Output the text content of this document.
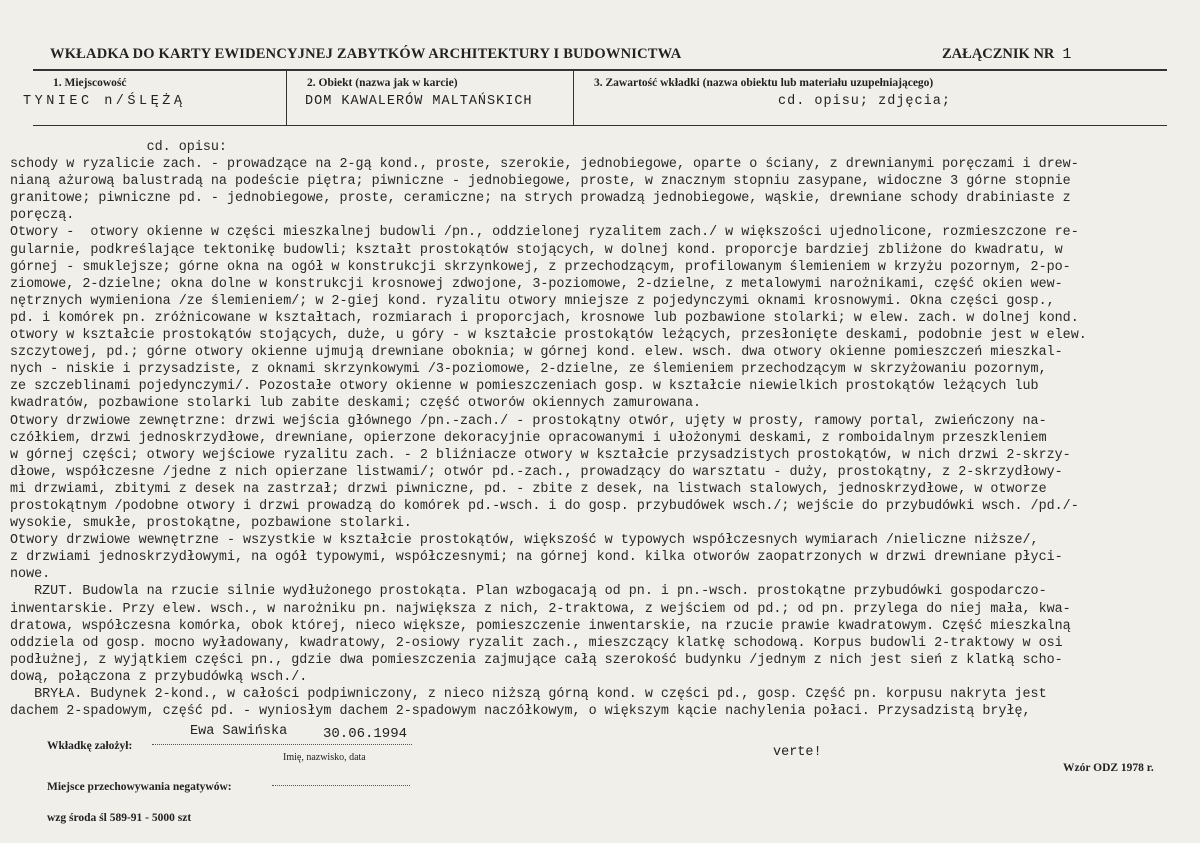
WKŁADKA DO KARTY EWIDENCYJNEJ ZABYTKÓW ARCHITEKTURY I BUDOWNICTWA	ZAŁĄCZNIK NR 1
1. Miejscowość
TYNIEC n/ŚLĘŻĄ
2. Obiekt (nazwa jak w karcie)
DOM KAWALERÓW MALTAŃSKICH
3. Zawartość wkładki (nazwa obiektu lub materiału uzupełniającego)
cd. opisu; zdjęcia;
cd. opisu:
schody w ryzalicie zach. - prowadzące na 2-gą kond., proste, szerokie, jednobiegowe, oparte o ściany, z drewnianymi poręczami i drew-
nianą ażurową balustradą na podeście piętra; piwniczne - jednobiegowe, proste, w znacznym stopniu zasypane, widoczne 3 górne stopnie
granitowe; piwniczne pd. - jednobiegowe, proste, ceramiczne; na strych prowadzą jednobiegowe, wąskie, drewniane schody drabiniaste z
poręczą.
Otwory -  otwory okienne w części mieszkalnej budowli /pn., oddzielonej ryzalitem zach./ w większości ujednolicone, rozmieszczone re-
gularnie, podkreślające tektonikę budowli; kształt prostokątów stojących, w dolnej kond. proporcje bardziej zbliżone do kwadratu, w
górnej - smuklejsze; górne okna na ogół w konstrukcji skrzynkowej, z przechodzącym, profilowanym ślemieniem w krzyżu pozornym, 2-po-
ziomowe, 2-dzielne; okna dolne w konstrukcji krosnowej zdwojone, 3-poziomowe, 2-dzielne, z metalowymi narożnikami, część okien wew-
nętrznych wymieniona /ze ślemieniem/; w 2-giej kond. ryzalitu otwory mniejsze z pojedynczymi oknami krosnowymi. Okna części gosp.,
pd. i komórek pn. zróżnicowane w kształtach, rozmiarach i proporcjach, krosnowe lub pozbawione stolarki; w elew. zach. w dolnej kond.
otwory w kształcie prostokątów stojących, duże, u góry - w kształcie prostokątów leżących, przesłonięte deskami, podobnie jest w elew.
szczytowej, pd.; górne otwory okienne ujmują drewniane oboknia; w górnej kond. elew. wsch. dwa otwory okienne pomieszczeń mieszkal-
nych - niskie i przysadziste, z oknami skrzynkowymi /3-poziomowe, 2-dzielne, ze ślemieniem przechodzącym w skrzyżowaniu pozornym,
ze szczeblinami pojedynczymi/. Pozostałe otwory okienne w pomieszczeniach gosp. w kształcie niewielkich prostokątów leżących lub
kwadratów, pozbawione stolarki lub zabite deskami; część otworów okiennych zamurowana.
Otwory drzwiowe zewnętrzne: drzwi wejścia głównego /pn.-zach./ - prostokątny otwór, ujęty w prosty, ramowy portal, zwieńczony na-
czółkiem, drzwi jednoskrzydłowe, drewniane, opierzone dekoracyjnie opracowanymi i ułożonymi deskami, z romboidalnym przeszkleniem
w górnej części; otwory wejściowe ryzalitu zach. - 2 bliźniacze otwory w kształcie przysadzistych prostokątów, w nich drzwi 2-skrzy-
dłowe, współczesne /jedne z nich opierzane listwami/; otwór pd.-zach., prowadzący do warsztatu - duży, prostokątny, z 2-skrzydłowy-
mi drzwiami, zbitymi z desek na zastrzał; drzwi piwniczne, pd. - zbite z desek, na listwach stalowych, jednoskrzydłowe, w otworze
prostokątnym /podobne otwory i drzwi prowadzą do komórek pd.-wsch. i do gosp. przybudówek wsch./; wejście do przybudówki wsch. /pd./-
wysokie, smukłe, prostokątne, pozbawione stolarki.
Otwory drzwiowe wewnętrzne - wszystkie w kształcie prostokątów, większość w typowych współczesnych wymiarach /nieliczne niższe/,
z drzwiami jednoskrzydłowymi, na ogół typowymi, współczesnymi; na górnej kond. kilka otworów zaopatrzonych w drzwi drewniane płyci-
nowe.
RZUT. Budowla na rzucie silnie wydłużonego prostokąta. Plan wzbogacają od pn. i pn.-wsch. prostokątne przybudówki gospodarczo-
inwentarskie. Przy elew. wsch., w narożniku pn. największa z nich, 2-traktowa, z wejściem od pd.; od pn. przylega do niej mała, kwa-
dratowa, współczesna komórka, obok której, nieco większe, pomieszczenie inwentarskie, na rzucie prawie kwadratowym. Część mieszkalną
oddziela od gosp. mocno wyładowany, kwadratowy, 2-osiowy ryzalit zach., mieszczący klatkę schodową. Korpus budowli 2-traktowy w osi
podłużnej, z wyjątkiem części pn., gdzie dwa pomieszczenia zajmujące całą szerokość budynku /jednym z nich jest sień z klatką scho-
dową, połączona z przybudówką wsch./.
BRYŁA. Budynek 2-kond., w całości podpiwniczony, z nieco niższą górną kond. w części pd., gosp. Część pn. korpusu nakryta jest
dachem 2-spadowym, część pd. - wyniosłym dachem 2-spadowym naczółkowym, o większym kącie nachylenia połaci. Przysadzistą bryłę,
Wkładkę założył:
Ewa Sawińska	30.06.1994
Imię, nazwisko, data	verte!
Wzór ODZ 1978 r.
Miejsce przechowywania negatywów:
wzg środa śl 589-91 - 5000 szt
